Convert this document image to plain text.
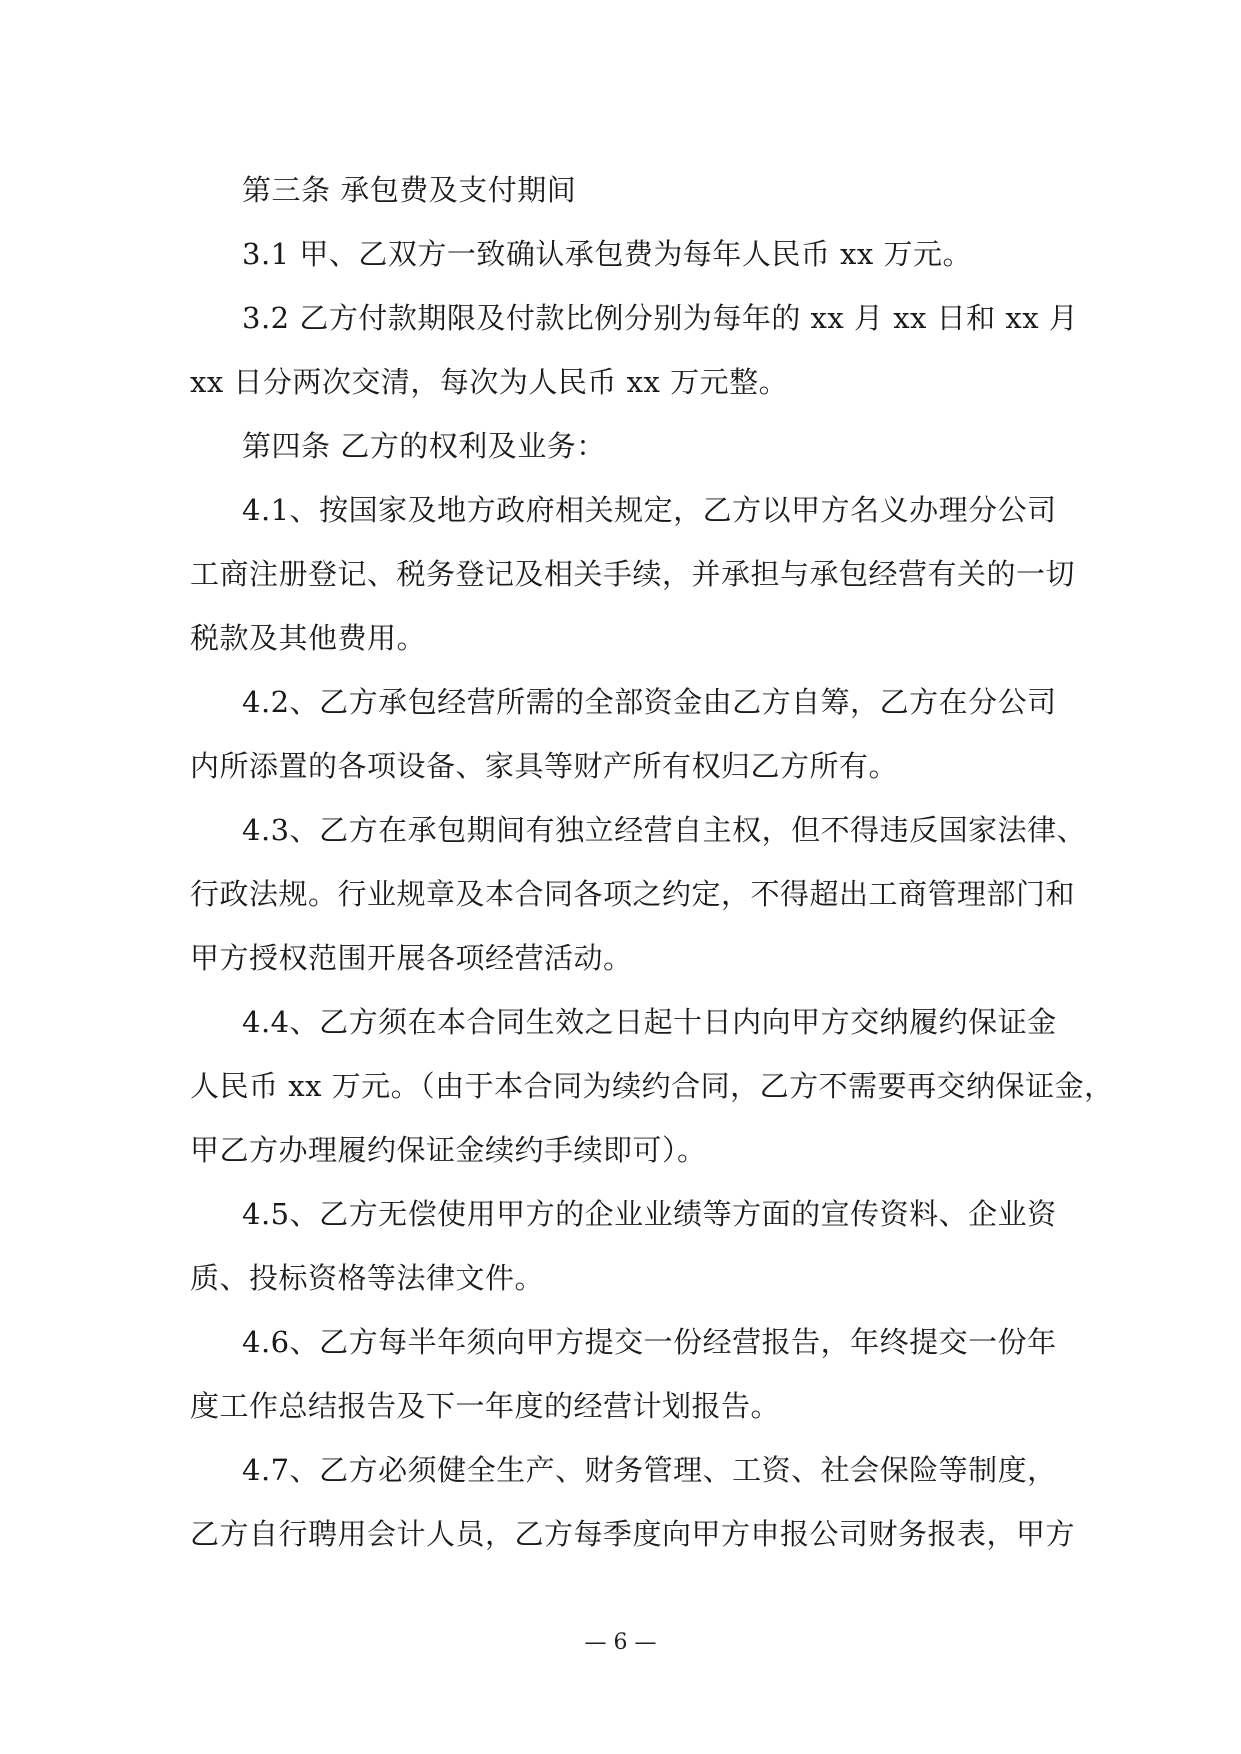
第三条 承包费及支付期间
3.1 甲、乙双方一致确认承包费为每年人民币 xx 万元。
3.2 乙方付款期限及付款比例分别为每年的 xx 月 xx 日和 xx 月
xx 日分两次交清，每次为人民币 xx 万元整。
第四条 乙方的权利及业务：
4.1、按国家及地方政府相关规定，乙方以甲方名义办理分公司
工商注册登记、税务登记及相关手续，并承担与承包经营有关的一切
税款及其他费用。
4.2、乙方承包经营所需的全部资金由乙方自筹，乙方在分公司
内所添置的各项设备、家具等财产所有权归乙方所有。
4.3、乙方在承包期间有独立经营自主权，但不得违反国家法律、
行政法规。行业规章及本合同各项之约定，不得超出工商管理部门和
甲方授权范围开展各项经营活动。
4.4、乙方须在本合同生效之日起十日内向甲方交纳履约保证金
人民币 xx 万元。（由于本合同为续约合同，乙方不需要再交纳保证金，
甲乙方办理履约保证金续约手续即可）。
4.5、乙方无偿使用甲方的企业业绩等方面的宣传资料、企业资
质、投标资格等法律文件。
4.6、乙方每半年须向甲方提交一份经营报告，年终提交一份年
度工作总结报告及下一年度的经营计划报告。
4.7、乙方必须健全生产、财务管理、工资、社会保险等制度，
乙方自行聘用会计人员，乙方每季度向甲方申报公司财务报表，甲方
— 6 —
